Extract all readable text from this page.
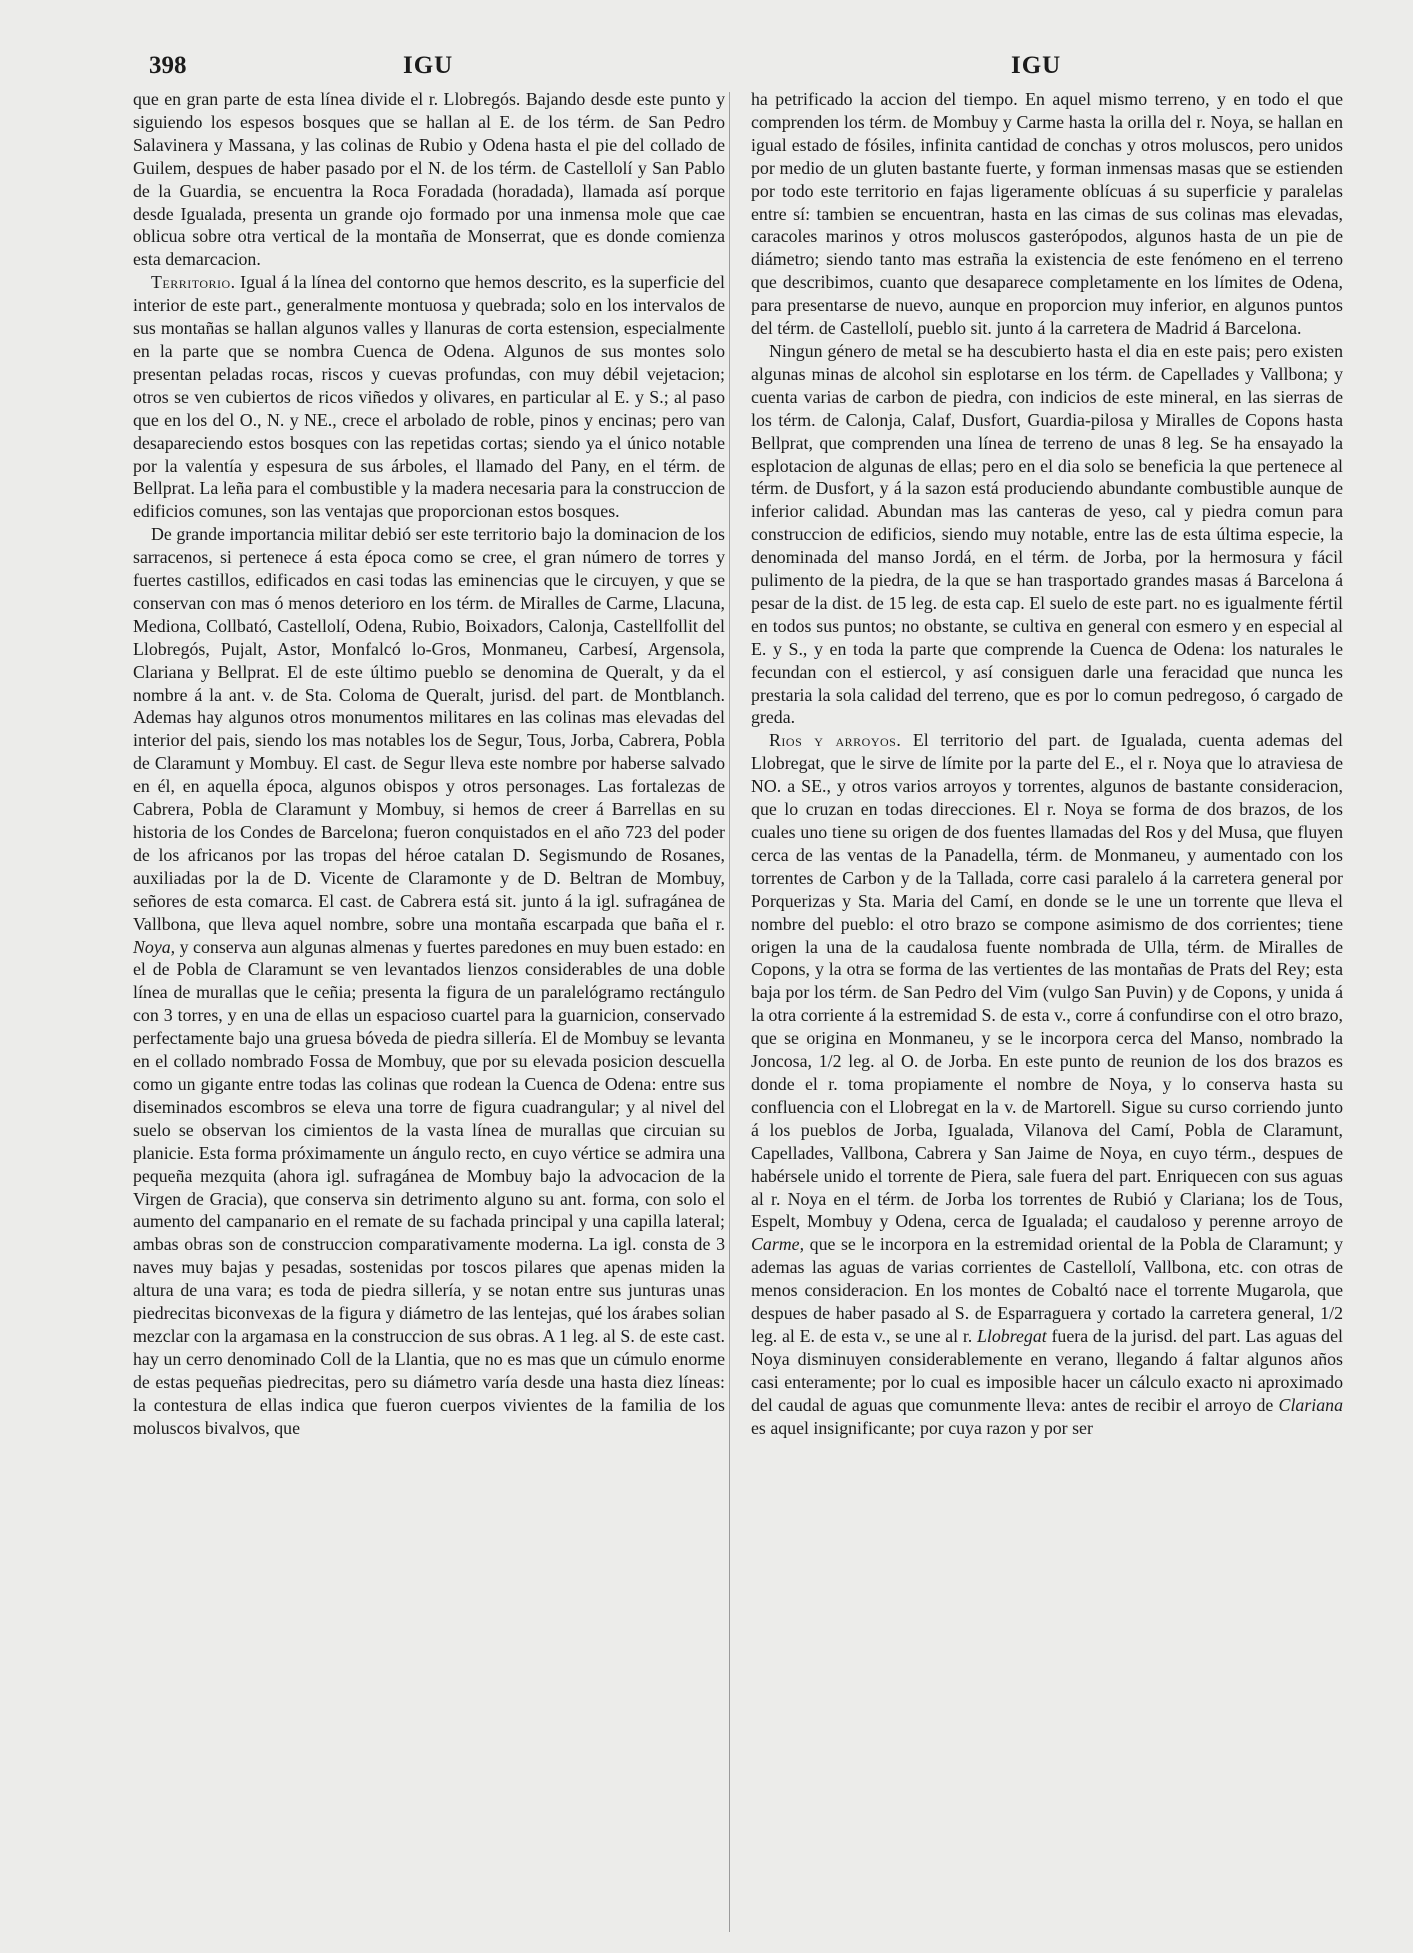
398	IGU	IGU

que en gran parte de esta línea divide el r. Llobregós. Bajando desde este punto y siguiendo los espesos bosques que se hallan al E. de los térm. de San Pedro Salavinera y Massana, y las colinas de Rubio y Odena hasta el pie del collado de Guilem, despues de haber pasado por el N. de los térm. de Castellolí y San Pablo de la Guardia, se encuentra la Roca Foradada (horadada), llamada así porque desde Igualada, presenta un grande ojo formado por una inmensa mole que cae oblicua sobre otra vertical de la montaña de Monserrat, que es donde comienza esta demarcacion.

Territorio. Igual á la línea del contorno que hemos descrito, es la superficie del interior de este part., generalmente montuosa y quebrada; solo en los intervalos de sus montañas se hallan algunos valles y llanuras de corta estension, especialmente en la parte que se nombra Cuenca de Odena. Algunos de sus montes solo presentan peladas rocas, riscos y cuevas profundas, con muy débil vejetacion; otros se ven cubiertos de ricos viñedos y olivares, en particular al E. y S.; al paso que en los del O., N. y NE., crece el arbolado de roble, pinos y encinas; pero van desapareciendo estos bosques con las repetidas cortas; siendo ya el único notable por la valentía y espesura de sus árboles, el llamado del Pany, en el térm. de Bellprat. La leña para el combustible y la madera necesaria para la construccion de edificios comunes, son las ventajas que proporcionan estos bosques.

De grande importancia militar debió ser este territorio bajo la dominacion de los sarracenos, si pertenece á esta época como se cree, el gran número de torres y fuertes castillos, edificados en casi todas las eminencias que le circuyen, y que se conservan con mas ó menos deterioro en los térm. de Miralles de Carme, Llacuna, Mediona, Collbató, Castellolí, Odena, Rubio, Boixadors, Calonja, Castellfollit del Llobregós, Pujalt, Astor, Monfalcó lo-Gros, Monmaneu, Carbesí, Argensola, Clariana y Bellprat. El de este último pueblo se denomina de Queralt, y da el nombre á la ant. v. de Sta. Coloma de Queralt, jurisd. del part. de Montblanch. Ademas hay algunos otros monumentos militares en las colinas mas elevadas del interior del pais, siendo los mas notables los de Segur, Tous, Jorba, Cabrera, Pobla de Claramunt y Mombuy. El cast. de Segur lleva este nombre por haberse salvado en él, en aquella época, algunos obispos y otros personages. Las fortalezas de Cabrera, Pobla de Claramunt y Mombuy, si hemos de creer á Barrellas en su historia de los Condes de Barcelona; fueron conquistados en el año 723 del poder de los africanos por las tropas del héroe catalan D. Segismundo de Rosanes, auxiliadas por la de D. Vicente de Claramonte y de D. Beltran de Mombuy, señores de esta comarca. El cast. de Cabrera está sit. junto á la igl. sufragánea de Vallbona, que lleva aquel nombre, sobre una montaña escarpada que baña el r. Noya, y conserva aun algunas almenas y fuertes paredones en muy buen estado: en el de Pobla de Claramunt se ven levantados lienzos considerables de una doble línea de murallas que le ceñia; presenta la figura de un paralelógramo rectángulo con 3 torres, y en una de ellas un espacioso cuartel para la guarnicion, conservado perfectamente bajo una gruesa bóveda de piedra sillería. El de Mombuy se levanta en el collado nombrado Fossa de Mombuy, que por su elevada posicion descuella como un gigante entre todas las colinas que rodean la Cuenca de Odena: entre sus diseminados escombros se eleva una torre de figura cuadrangular; y al nivel del suelo se observan los cimientos de la vasta línea de murallas que circuian su planicie. Esta forma próximamente un ángulo recto, en cuyo vértice se admira una pequeña mezquita (ahora igl. sufragánea de Mombuy bajo la advocacion de la Virgen de Gracia), que conserva sin detrimento alguno su ant. forma, con solo el aumento del campanario en el remate de su fachada principal y una capilla lateral; ambas obras son de construccion comparativamente moderna. La igl. consta de 3 naves muy bajas y pesadas, sostenidas por toscos pilares que apenas miden la altura de una vara; es toda de piedra sillería, y se notan entre sus junturas unas piedrecitas biconvexas de la figura y diámetro de las lentejas, qué los árabes solian mezclar con la argamasa en la construccion de sus obras. A 1 leg. al S. de este cast. hay un cerro denominado Coll de la Llantia, que no es mas que un cúmulo enorme de estas pequeñas piedrecitas, pero su diámetro varía desde una hasta diez líneas: la contestura de ellas indica que fueron cuerpos vivientes de la familia de los moluscos bivalvos, que

ha petrificado la accion del tiempo. En aquel mismo terreno, y en todo el que comprenden los térm. de Mombuy y Carme hasta la orilla del r. Noya, se hallan en igual estado de fósiles, infinita cantidad de conchas y otros moluscos, pero unidos por medio de un gluten bastante fuerte, y forman inmensas masas que se estienden por todo este territorio en fajas ligeramente oblícuas á su superficie y paralelas entre sí: tambien se encuentran, hasta en las cimas de sus colinas mas elevadas, caracoles marinos y otros moluscos gasterópodos, algunos hasta de un pie de diámetro; siendo tanto mas estraña la existencia de este fenómeno en el terreno que describimos, cuanto que desaparece completamente en los límites de Odena, para presentarse de nuevo, aunque en proporcion muy inferior, en algunos puntos del térm. de Castellolí, pueblo sit. junto á la carretera de Madrid á Barcelona.

Ningun género de metal se ha descubierto hasta el dia en este pais; pero existen algunas minas de alcohol sin esplotarse en los térm. de Capellades y Vallbona; y cuenta varias de carbon de piedra, con indicios de este mineral, en las sierras de los térm. de Calonja, Calaf, Dusfort, Guardia-pilosa y Miralles de Copons hasta Bellprat, que comprenden una línea de terreno de unas 8 leg. Se ha ensayado la esplotacion de algunas de ellas; pero en el dia solo se beneficia la que pertenece al térm. de Dusfort, y á la sazon está produciendo abundante combustible aunque de inferior calidad. Abundan mas las canteras de yeso, cal y piedra comun para construccion de edificios, siendo muy notable, entre las de esta última especie, la denominada del manso Jordá, en el térm. de Jorba, por la hermosura y fácil pulimento de la piedra, de la que se han trasportado grandes masas á Barcelona á pesar de la dist. de 15 leg. de esta cap. El suelo de este part. no es igualmente fértil en todos sus puntos; no obstante, se cultiva en general con esmero y en especial al E. y S., y en toda la parte que comprende la Cuenca de Odena: los naturales le fecundan con el estiercol, y así consiguen darle una feracidad que nunca les prestaria la sola calidad del terreno, que es por lo comun pedregoso, ó cargado de greda.

Rios y arroyos. El territorio del part. de Igualada, cuenta ademas del Llobregat, que le sirve de límite por la parte del E., el r. Noya que lo atraviesa de NO. a SE., y otros varios arroyos y torrentes, algunos de bastante consideracion, que lo cruzan en todas direcciones. El r. Noya se forma de dos brazos, de los cuales uno tiene su origen de dos fuentes llamadas del Ros y del Musa, que fluyen cerca de las ventas de la Panadella, térm. de Monmaneu, y aumentado con los torrentes de Carbon y de la Tallada, corre casi paralelo á la carretera general por Porquerizas y Sta. Maria del Camí, en donde se le une un torrente que lleva el nombre del pueblo: el otro brazo se compone asimismo de dos corrientes; tiene origen la una de la caudalosa fuente nombrada de Ulla, térm. de Miralles de Copons, y la otra se forma de las vertientes de las montañas de Prats del Rey; esta baja por los térm. de San Pedro del Vim (vulgo San Puvin) y de Copons, y unida á la otra corriente á la estremidad S. de esta v., corre á confundirse con el otro brazo, que se origina en Monmaneu, y se le incorpora cerca del Manso, nombrado la Joncosa, 1/2 leg. al O. de Jorba. En este punto de reunion de los dos brazos es donde el r. toma propiamente el nombre de Noya, y lo conserva hasta su confluencia con el Llobregat en la v. de Martorell. Sigue su curso corriendo junto á los pueblos de Jorba, Igualada, Vilanova del Camí, Pobla de Claramunt, Capellades, Vallbona, Cabrera y San Jaime de Noya, en cuyo térm., despues de habérsele unido el torrente de Piera, sale fuera del part. Enriquecen con sus aguas al r. Noya en el térm. de Jorba los torrentes de Rubió y Clariana; los de Tous, Espelt, Mombuy y Odena, cerca de Igualada; el caudaloso y perenne arroyo de Carme, que se le incorpora en la estremidad oriental de la Pobla de Claramunt; y ademas las aguas de varias corrientes de Castellolí, Vallbona, etc. con otras de menos consideracion. En los montes de Cobaltó nace el torrente Mugarola, que despues de haber pasado al S. de Esparraguera y cortado la carretera general, 1/2 leg. al E. de esta v., se une al r. Llobregat fuera de la jurisd. del part. Las aguas del Noya disminuyen considerablemente en verano, llegando á faltar algunos años casi enteramente; por lo cual es imposible hacer un cálculo exacto ni aproximado del caudal de aguas que comunmente lleva: antes de recibir el arroyo de Clariana es aquel insignificante; por cuya razon y por ser
